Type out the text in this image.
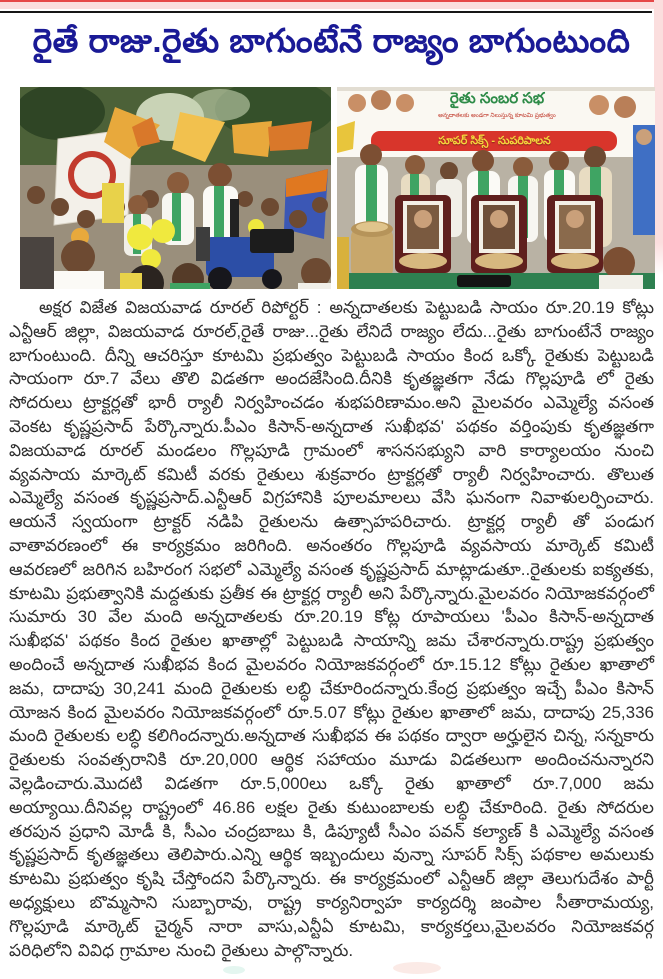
రైతే రాజు.రైతు బాగుంటేనే రాజ్యం బాగుంటుంది
రైతు సంబర సభ
అన్నదాతలకు అండగా నిలుస్తున్న కూటమి ప్రభుత్వం
సూపర్ సిక్స్ - సుపరిపాలన

అక్షర విజేత విజయవాడ రూరల్ రిపోర్టర్ : అన్నదాతలకు పెట్టుబడి సాయం రూ.20.19 కోట్లు ఎన్టీఆర్ జిల్లా, విజయవాడ రూరల్,రైతే రాజు...రైతు లేనిదే రాజ్యం లేదు...రైతు బాగుంటేనే రాజ్యం బాగుంటుంది. దీన్ని ఆచరిస్తూ కూటమి ప్రభుత్వం పెట్టుబడి సాయం కింద ఒక్కో రైతుకు పెట్టుబడి సాయంగా రూ.7 వేలు తొలి విడతగా అందజేసింది.దీనికి కృతజ్ఞతగా నేడు గొల్లపూడి లో రైతు సోదరులు ట్రాక్టర్లతో భారీ ర్యాలీ నిర్వహించడం శుభపరిణామం.అని మైలవరం ఎమ్మెల్యే వసంత వెంకట కృష్ణప్రసాద్ పేర్కొన్నారు.పీఎం కిసాన్-అన్నదాత సుఖీభవ' పథకం వర్తింపుకు కృతజ్ఞతగా విజయవాడ రూరల్ మండలం గొల్లపూడి గ్రామంలో శాసనసభ్యుని వారి కార్యాలయం నుంచి వ్యవసాయ మార్కెట్ కమిటీ వరకు రైతులు శుక్రవారం ట్రాక్టర్లతో ర్యాలీ నిర్వహించారు. తొలుత ఎమ్మెల్యే వసంత కృష్ణప్రసాద్.ఎన్టీఆర్ విగ్రహానికి పూలమాలలు వేసి ఘనంగా నివాళులర్పించారు. ఆయనే స్వయంగా ట్రాక్టర్ నడిపి రైతులను ఉత్సాహపరిచారు. ట్రాక్టర్ల ర్యాలీ తో పండుగ వాతావరణంలో ఈ కార్యక్రమం జరిగింది. అనంతరం గొల్లపూడి వ్యవసాయ మార్కెట్ కమిటీ ఆవరణలో జరిగిన బహిరంగ సభలో ఎమ్మెల్యే వసంత కృష్ణప్రసాద్ మాట్లాడుతూ..రైతులకు ఐక్యతకు, కూటమి ప్రభుత్వానికి మద్దతుకు ప్రతీక ఈ ట్రాక్టర్ల ర్యాలీ అని పేర్కొన్నారు.మైలవరం నియోజకవర్గంలో సుమారు 30 వేల మంది అన్నదాతలకు రూ.20.19 కోట్ల రూపాయలు 'పీఎం కిసాన్-అన్నదాత సుఖీభవ' పథకం కింద రైతుల ఖాతాల్లో పెట్టుబడి సాయాన్ని జమ చేశారన్నారు.రాష్ట్ర ప్రభుత్వం అందించే అన్నదాత సుఖీభవ కింద మైలవరం నియోజకవర్గంలో రూ.15.12 కోట్లు రైతుల ఖాతాలో జమ, దాదాపు 30,241 మంది రైతులకు లబ్ధి చేకూరిందన్నారు.కేంద్ర ప్రభుత్వం ఇచ్చే పీఎం కిసాన్ యోజన కింద మైలవరం నియోజకవర్గంలో రూ.5.07 కోట్లు రైతుల ఖాతాలో జమ, దాదాపు 25,336 మంది రైతులకు లబ్ధి కలిగిందన్నారు.అన్నదాత సుఖీభవ ఈ పథకం ద్వారా అర్హులైన చిన్న, సన్నకారు రైతులకు సంవత్సరానికి రూ.20,000 ఆర్థిక సహాయం మూడు విడతలుగా అందించనున్నారని వెల్లడించారు.మొదటి విడతగా రూ.5,000లు ఒక్కో రైతు ఖాతాలో రూ.7,000 జమ అయ్యాయి.దీనివల్ల రాష్ట్రంలో 46.86 లక్షల రైతు కుటుంబాలకు లబ్ధి చేకూరింది. రైతు సోదరుల తరపున ప్రధాని మోడీ కి, సీఎం చంద్రబాబు కి, డిప్యూటీ సీఎం పవన్ కల్యాణ్ కి ఎమ్మెల్యే వసంత కృష్ణప్రసాద్ కృతజ్ఞతలు తెలిపారు.ఎన్ని ఆర్థిక ఇబ్బందులు వున్నా సూపర్ సిక్స్ పథకాల అమలుకు కూటమి ప్రభుత్వం కృషి చేస్తోందని పేర్కొన్నారు. ఈ కార్యక్రమంలో ఎన్టీఆర్ జిల్లా తెలుగుదేశం పార్టీ అధ్యక్షులు బొమ్మసాని సుబ్బారావు, రాష్ట్ర కార్యనిర్వాహ కార్యదర్శి జంపాల సీతారామయ్య, గొల్లపూడి మార్కెట్ చైర్మన్ నారా వాసు,ఎన్టీఏ కూటమి, కార్యకర్తలు,మైలవరం నియోజకవర్గ పరిధిలోని వివిధ గ్రామాల నుంచి రైతులు పాల్గొన్నారు.
